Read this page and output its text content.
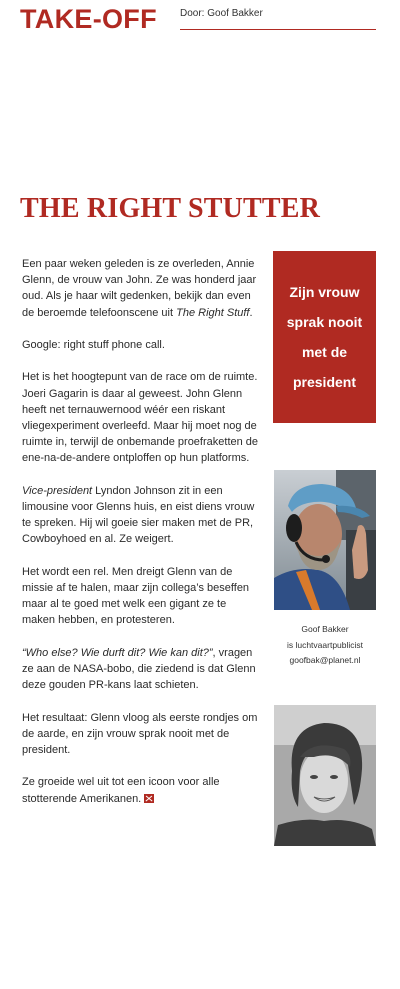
TAKE-OFF Door: Goof Bakker
THE RIGHT STUTTER

Een paar weken geleden is ze overleden, Annie Glenn, de vrouw van John. Ze was honderd jaar oud. Als je haar wilt gedenken, bekijk dan even de beroemde telefoonscene uit The Right Stuff.

Google: right stuff phone call.

Het is het hoogtepunt van de race om de ruimte. Joeri Gagarin is daar al geweest. John Glenn heeft net ternauwernood wéér een riskant vliegexperiment overleefd. Maar hij moet nog de ruimte in, terwijl de onbemande proefraketten de ene-na-de-andere ontploffen op hun platforms.

Vice-president Lyndon Johnson zit in een limousine voor Glenns huis, en eist diens vrouw te spreken. Hij wil goeie sier maken met de PR, Cowboyhoed en al. Ze weigert.

Het wordt een rel. Men dreigt Glenn van de missie af te halen, maar zijn collega’s beseffen maar al te goed met welk een gigant ze te maken hebben, en protesteren.

“Who else? Wie durft dit? Wie kan dit?”, vragen ze aan de NASA-bobo, die ziedend is dat Glenn deze gouden PR-kans laat schieten.

Het resultaat: Glenn vloog als eerste rondjes om de aarde, en zijn vrouw sprak nooit met de president.

Ze groeide wel uit tot een icoon voor alle stotterende Amerikanen.

Zijn vrouw
sprak nooit
met de
president
Goof Bakker
is luchtvaartpublicist
goofbak@planet.nl
